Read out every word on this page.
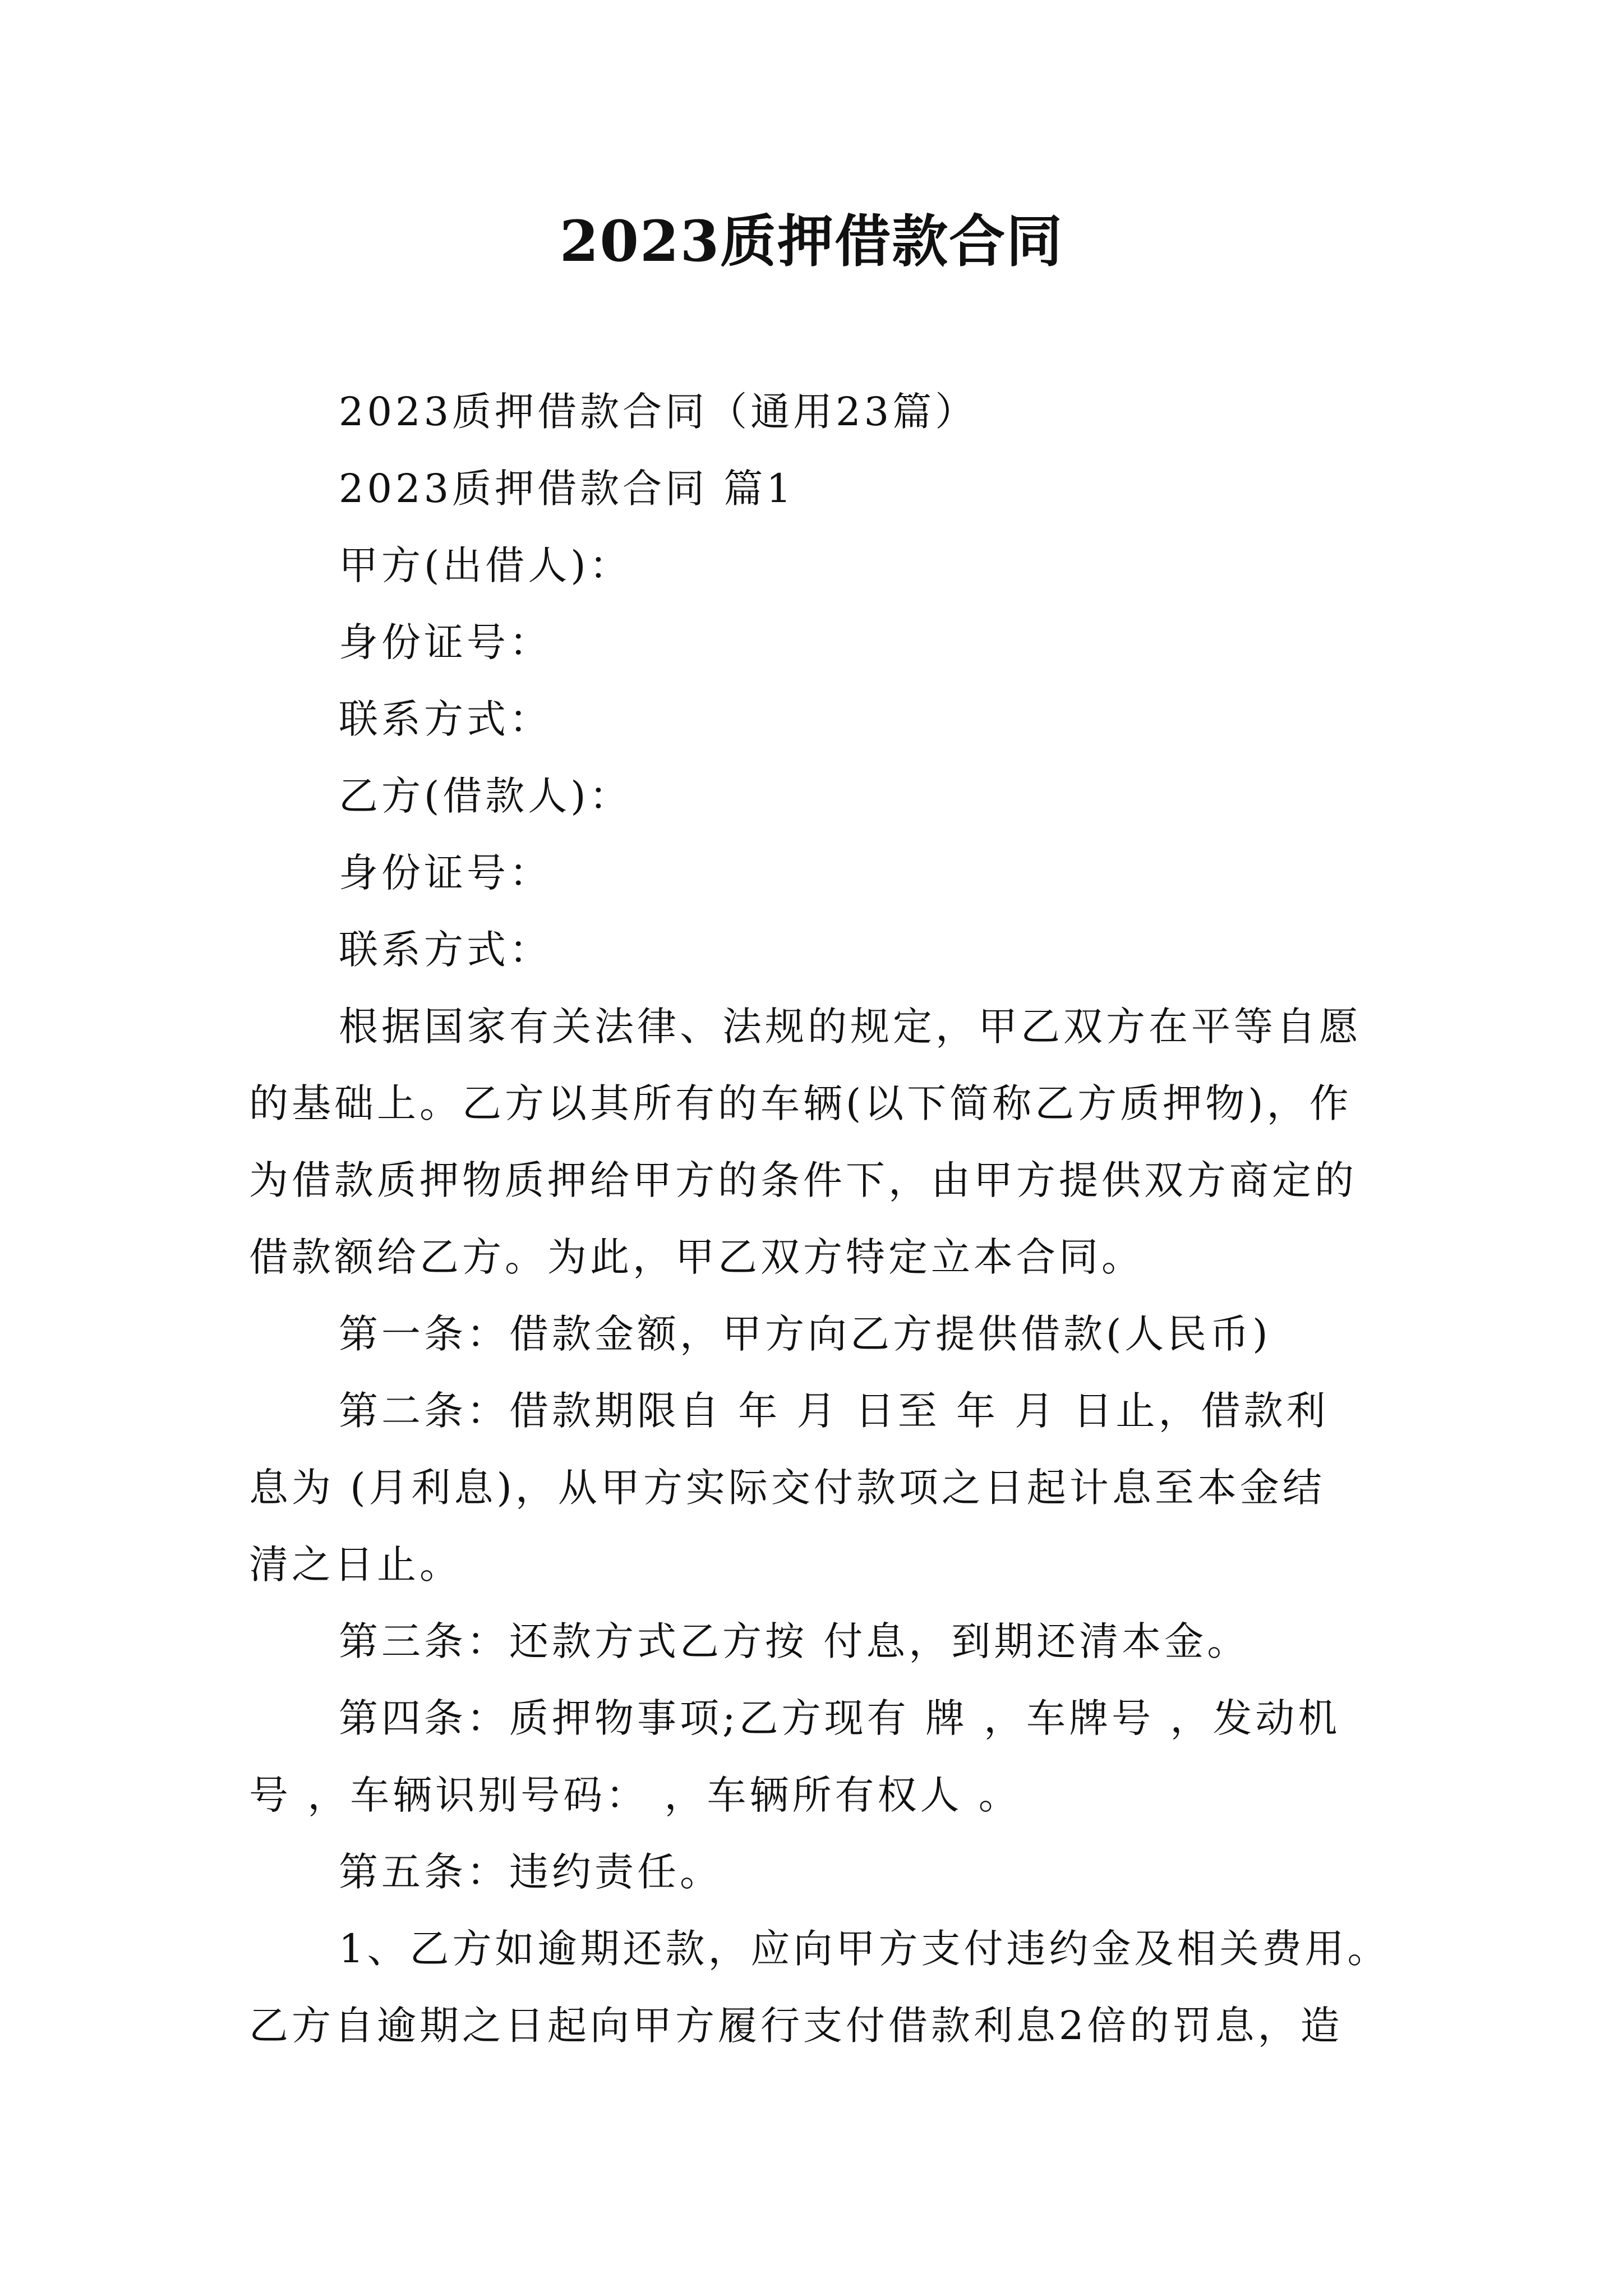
2023质押借款合同

2023质押借款合同（通用23篇）

2023质押借款合同 篇1

甲方(出借人)：

身份证号：

联系方式：

乙方(借款人)：

身份证号：

联系方式：

根据国家有关法律、法规的规定，甲乙双方在平等自愿

的基础上。乙方以其所有的车辆(以下简称乙方质押物)，作

为借款质押物质押给甲方的条件下，由甲方提供双方商定的

借款额给乙方。为此，甲乙双方特定立本合同。

第一条：借款金额，甲方向乙方提供借款(人民币)

第二条：借款期限自 年 月 日至 年 月 日止，借款利

息为 (月利息)，从甲方实际交付款项之日起计息至本金结

清之日止。

第三条：还款方式乙方按 付息，到期还清本金。

第四条：质押物事项;乙方现有 牌 ，车牌号 ，发动机

号 ，车辆识别号码： ，车辆所有权人 。

第五条：违约责任。

1、乙方如逾期还款，应向甲方支付违约金及相关费用。

乙方自逾期之日起向甲方履行支付借款利息2倍的罚息，造
